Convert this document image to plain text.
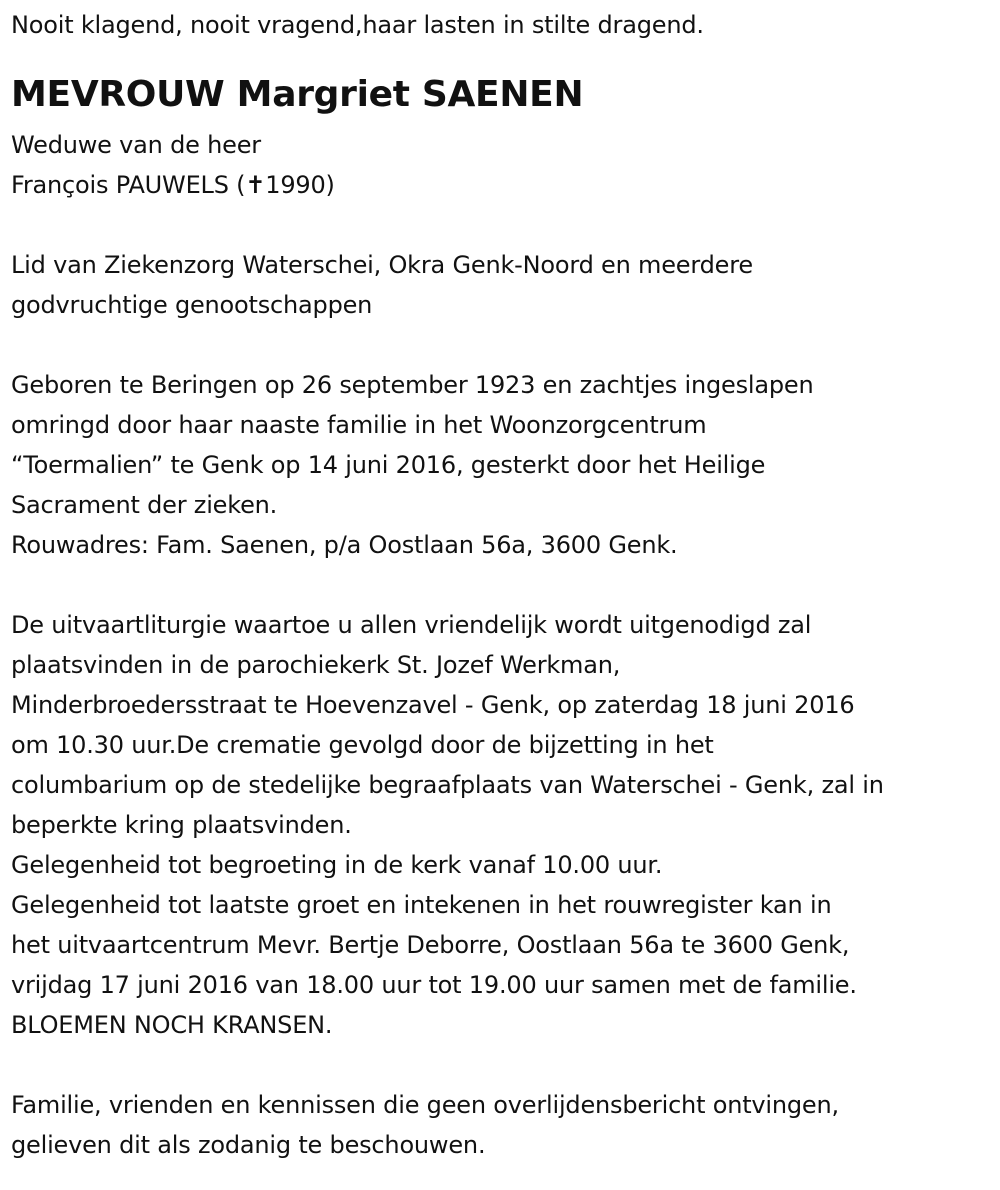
Nooit klagend, nooit vragend,haar lasten in stilte dragend.
MEVROUW Margriet SAENEN
Weduwe van de heer
François PAUWELS (✝1990)
Lid van Ziekenzorg Waterschei, Okra Genk-Noord en meerdere
godvruchtige genootschappen
Geboren te Beringen op 26 september 1923 en zachtjes ingeslapen
omringd door haar naaste familie in het Woonzorgcentrum
“Toermalien” te Genk op 14 juni 2016, gesterkt door het Heilige
Sacrament der zieken.
Rouwadres: Fam. Saenen, p/a Oostlaan 56a, 3600 Genk.
De uitvaartliturgie waartoe u allen vriendelijk wordt uitgenodigd zal
plaatsvinden in de parochiekerk St. Jozef Werkman,
Minderbroedersstraat te Hoevenzavel - Genk, op zaterdag 18 juni 2016
om 10.30 uur.De crematie gevolgd door de bijzetting in het
columbarium op de stedelijke begraafplaats van Waterschei - Genk, zal in
beperkte kring plaatsvinden.
Gelegenheid tot begroeting in de kerk vanaf 10.00 uur.
Gelegenheid tot laatste groet en intekenen in het rouwregister kan in
het uitvaartcentrum Mevr. Bertje Deborre, Oostlaan 56a te 3600 Genk,
vrijdag 17 juni 2016 van 18.00 uur tot 19.00 uur samen met de familie.
BLOEMEN NOCH KRANSEN.
Familie, vrienden en kennissen die geen overlijdensbericht ontvingen,
gelieven dit als zodanig te beschouwen.
